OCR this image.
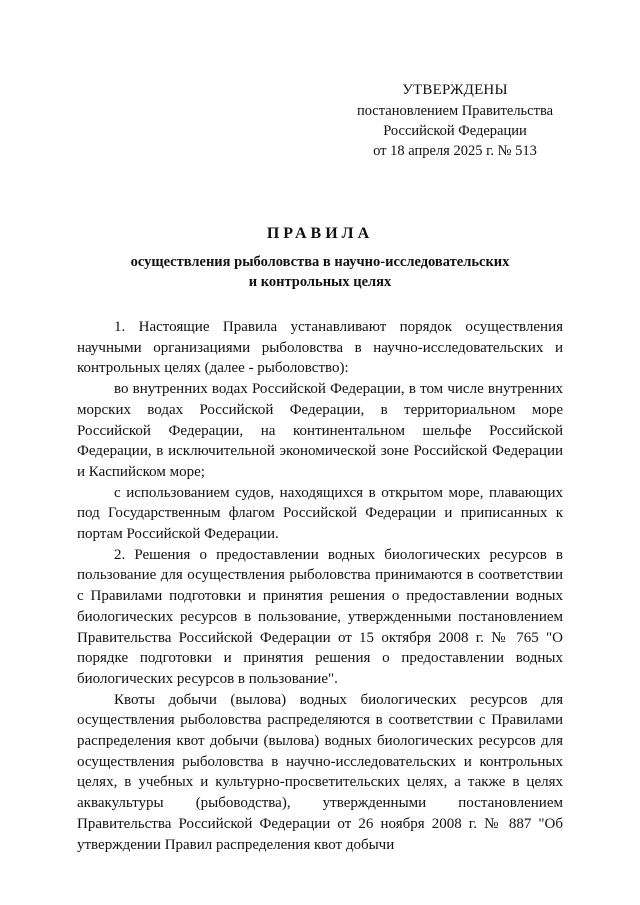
УТВЕРЖДЕНЫ
постановлением Правительства
Российской Федерации
от 18 апреля 2025 г. № 513
ПРАВИЛА
осуществления рыболовства в научно-исследовательских
и контрольных целях

1. Настоящие Правила устанавливают порядок осуществления научными организациями рыболовства в научно-исследовательских и контрольных целях (далее - рыболовство):

во внутренних водах Российской Федерации, в том числе внутренних морских водах Российской Федерации, в территориальном море Российской Федерации, на континентальном шельфе Российской Федерации, в исключительной экономической зоне Российской Федерации и Каспийском море;

с использованием судов, находящихся в открытом море, плавающих под Государственным флагом Российской Федерации и приписанных к портам Российской Федерации.

2. Решения о предоставлении водных биологических ресурсов в пользование для осуществления рыболовства принимаются в соответствии с Правилами подготовки и принятия решения о предоставлении водных биологических ресурсов в пользование, утвержденными постановлением Правительства Российской Федерации от 15 октября 2008 г. № 765 "О порядке подготовки и принятия решения о предоставлении водных биологических ресурсов в пользование".

Квоты добычи (вылова) водных биологических ресурсов для осуществления рыболовства распределяются в соответствии с Правилами распределения квот добычи (вылова) водных биологических ресурсов для осуществления рыболовства в научно-исследовательских и контрольных целях, в учебных и культурно-просветительских целях, а также в целях аквакультуры (рыбоводства), утвержденными постановлением Правительства Российской Федерации от 26 ноября 2008 г. № 887 "Об утверждении Правил распределения квот добычи
